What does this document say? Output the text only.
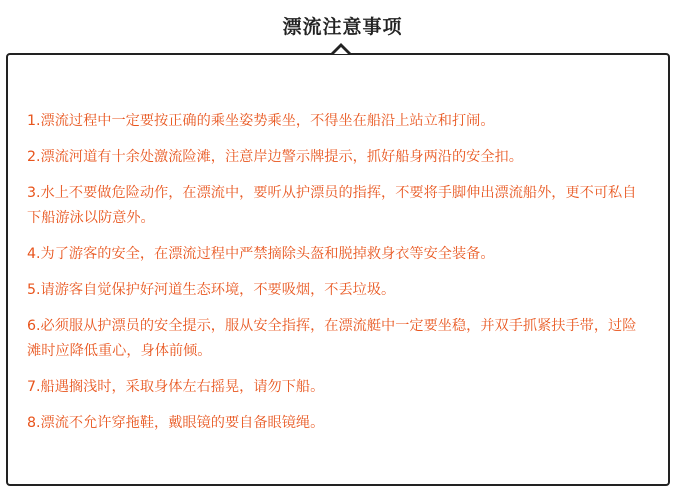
漂流注意事项

1.漂流过程中一定要按正确的乘坐姿势乘坐，不得坐在船沿上站立和打闹。

2.漂流河道有十余处激流险滩，注意岸边警示牌提示，抓好船身两沿的安全扣。

3.水上不要做危险动作，在漂流中，要听从护漂员的指挥，不要将手脚伸出漂流船外，更不可私自下船游泳以防意外。

4.为了游客的安全，在漂流过程中严禁摘除头盔和脱掉救身衣等安全装备。

5.请游客自觉保护好河道生态环境，不要吸烟，不丢垃圾。

6.必须服从护漂员的安全提示，服从安全指挥，在漂流艇中一定要坐稳，并双手抓紧扶手带，过险滩时应降低重心，身体前倾。

7.船遇搁浅时，采取身体左右摇晃，请勿下船。

8.漂流不允许穿拖鞋，戴眼镜的要自备眼镜绳。
